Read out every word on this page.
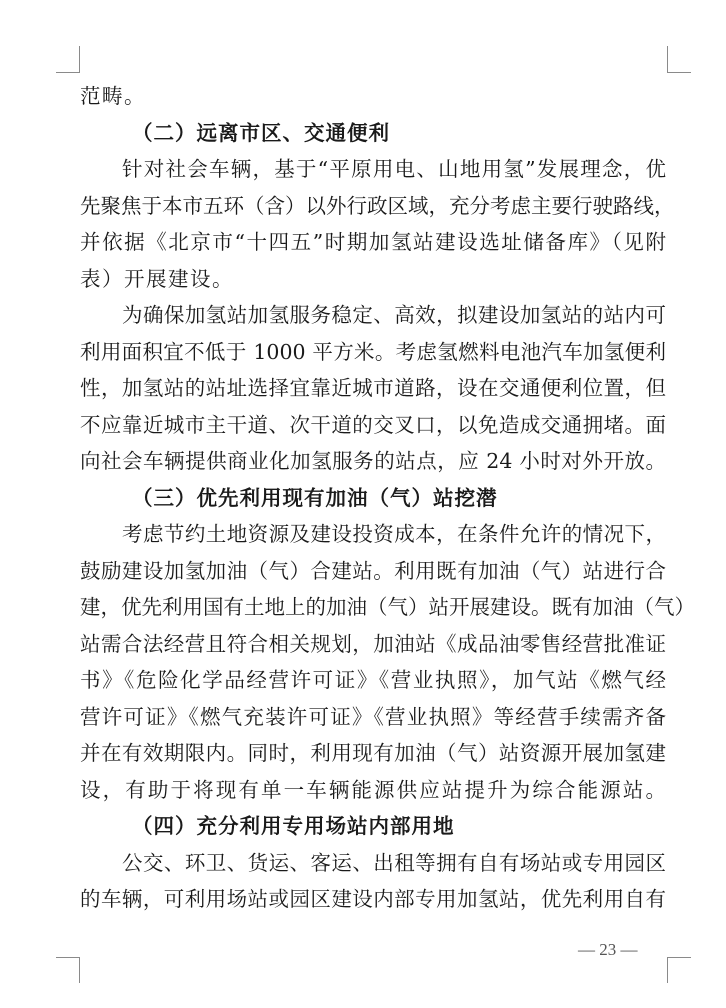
范畴。
（二）远离市区、交通便利
针对社会车辆，基于“平原用电、山地用氢”发展理念，优
先聚焦于本市五环（含）以外行政区域，充分考虑主要行驶路线，
并依据《北京市“十四五”时期加氢站建设选址储备库》（见附
表）开展建设。
为确保加氢站加氢服务稳定、高效，拟建设加氢站的站内可
利用面积宜不低于 1000 平方米。考虑氢燃料电池汽车加氢便利
性，加氢站的站址选择宜靠近城市道路，设在交通便利位置，但
不应靠近城市主干道、次干道的交叉口，以免造成交通拥堵。面
向社会车辆提供商业化加氢服务的站点，应 24 小时对外开放。
（三）优先利用现有加油（气）站挖潜
考虑节约土地资源及建设投资成本，在条件允许的情况下，
鼓励建设加氢加油（气）合建站。利用既有加油（气）站进行合
建，优先利用国有土地上的加油（气）站开展建设。既有加油（气）
站需合法经营且符合相关规划，加油站《成品油零售经营批准证
书》《危险化学品经营许可证》《营业执照》，加气站《燃气经
营许可证》《燃气充装许可证》《营业执照》等经营手续需齐备
并在有效期限内。同时，利用现有加油（气）站资源开展加氢建
设，有助于将现有单一车辆能源供应站提升为综合能源站。
（四）充分利用专用场站内部用地
公交、环卫、货运、客运、出租等拥有自有场站或专用园区
的车辆，可利用场站或园区建设内部专用加氢站，优先利用自有
— 23 —
